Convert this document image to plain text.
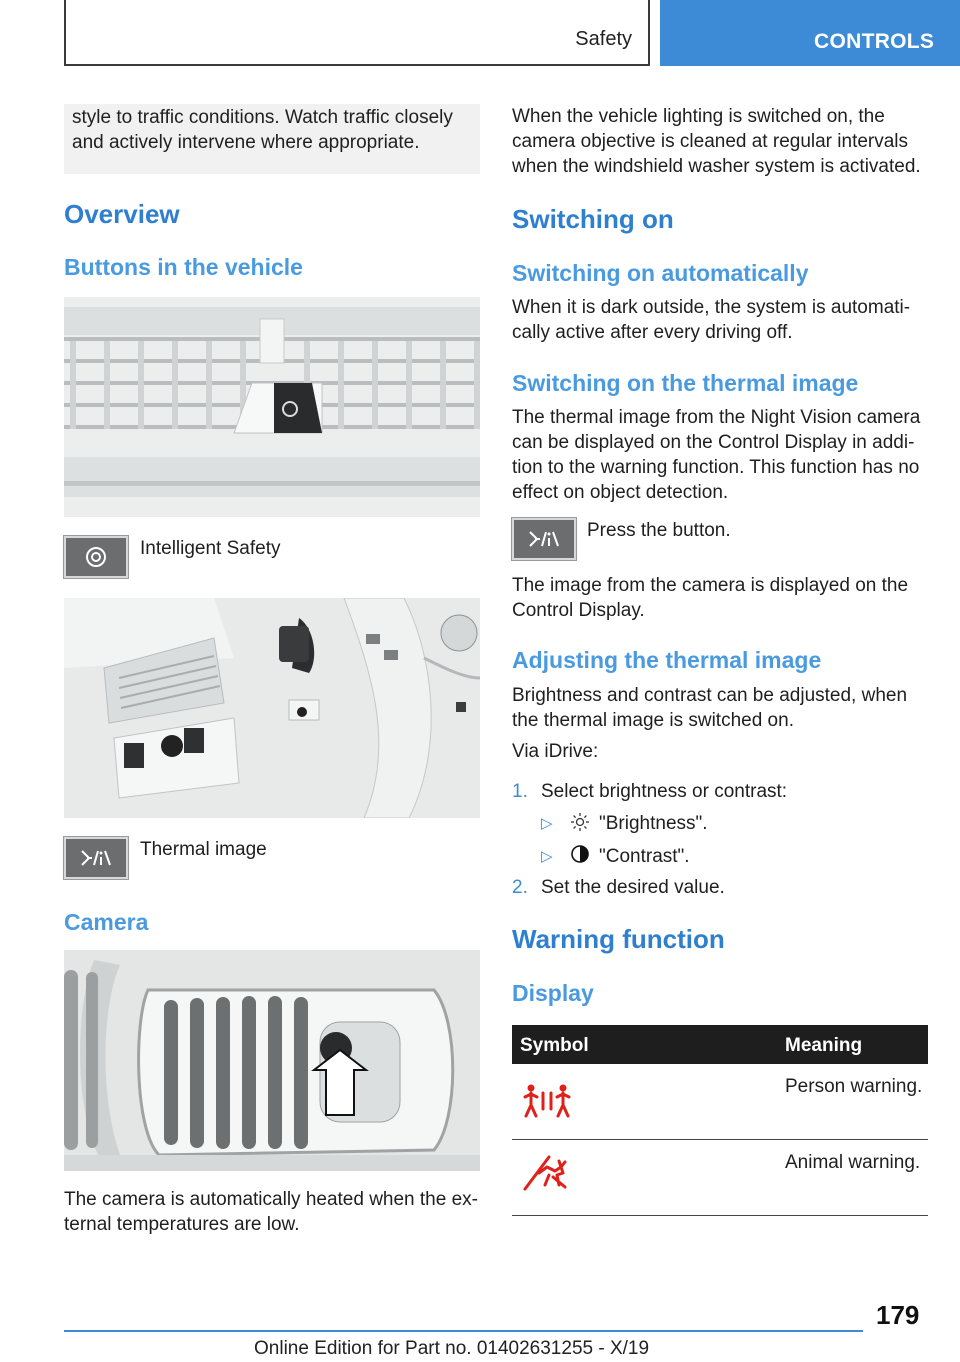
Safety	CONTROLS

style to traffic conditions. Watch traffic closely and actively intervene where appropriate.

Overview
Buttons in the vehicle
Intelligent Safety
Thermal image
Camera

The camera is automatically heated when the ex ternal temperatures are low.

When the vehicle lighting is switched on, the camera objective is cleaned at regular intervals when the windshield washer system is activated.

Switching on
Switching on automatically

When it is dark outside, the system is automati cally active after every driving off.

Switching on the thermal image

The thermal image from the Night Vision camera can be displayed on the Control Display in addi tion to the warning function. This function has no effect on object detection.

Press the button.

The image from the camera is displayed on the Control Display.

Adjusting the thermal image

Brightness and contrast can be adjusted, when the thermal image is switched on.

Via iDrive:
1. Select brightness or contrast:
▷ "Brightness".
▷ "Contrast".
2. Set the desired value.
Warning function
Display
Symbol	Meaning
Person warning.
Animal warning.
179
Online Edition for Part no. 01402631255 - X/19
